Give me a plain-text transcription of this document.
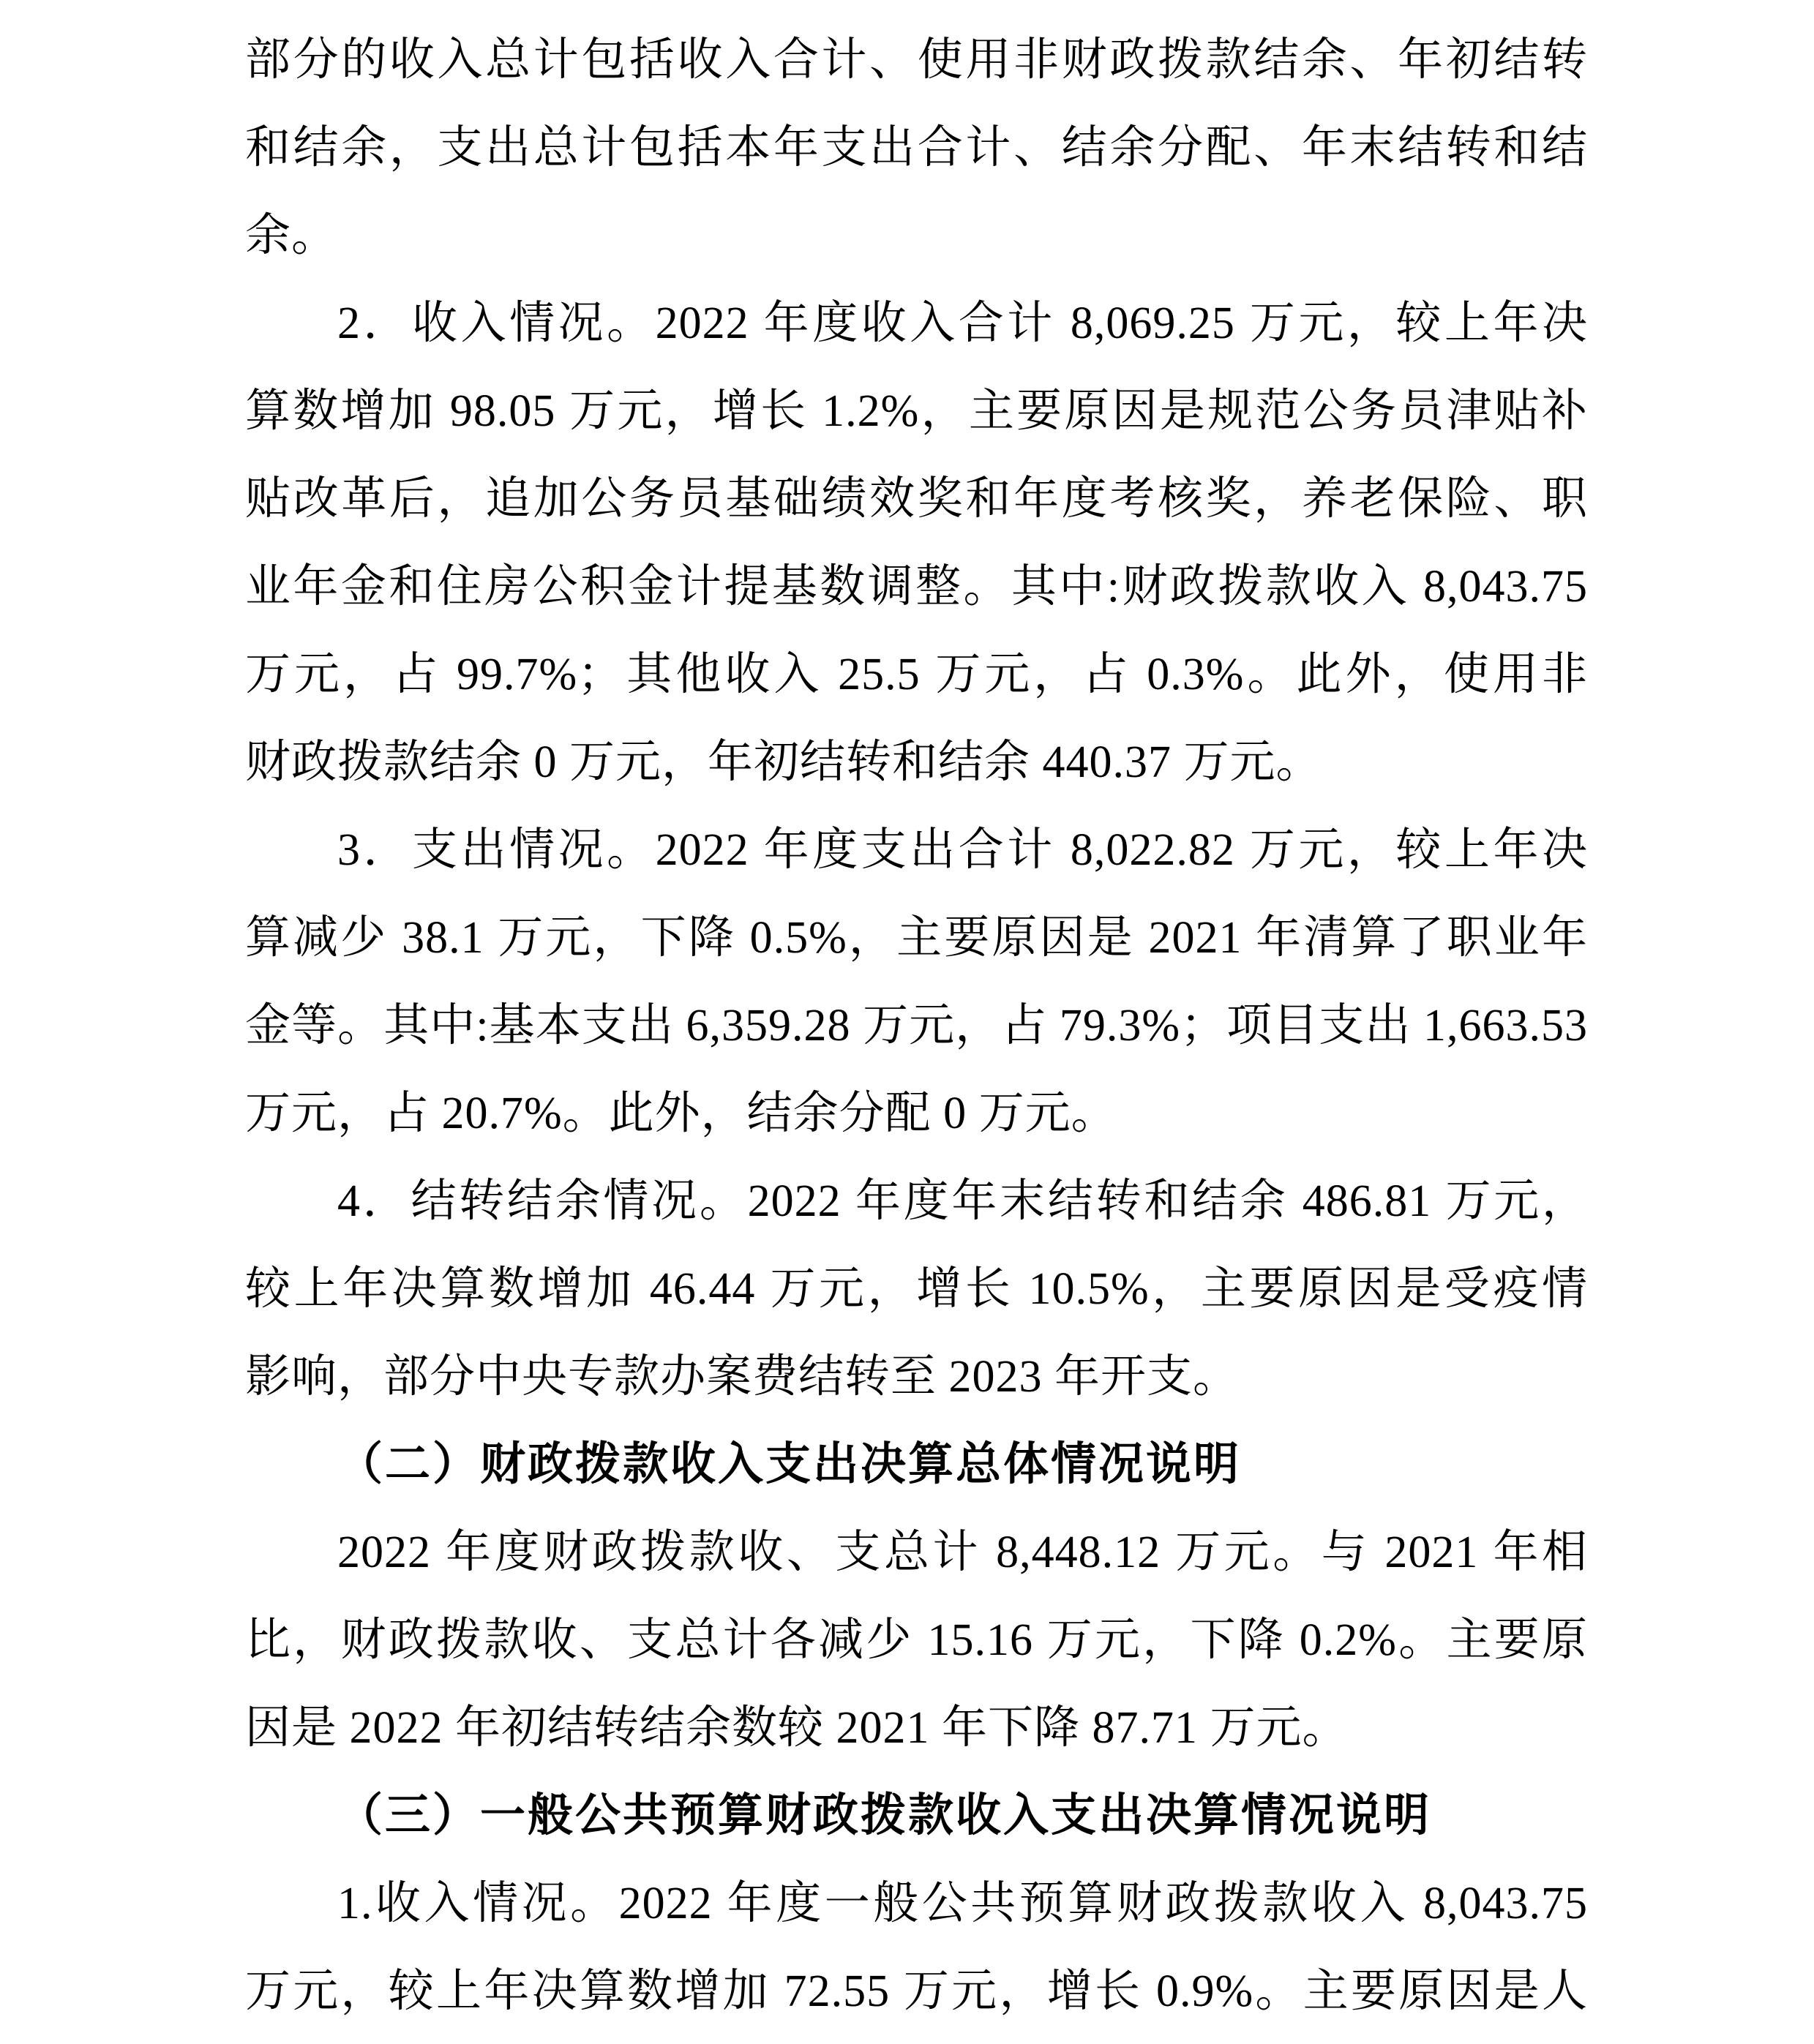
部分的收入总计包括收入合计、使用非财政拨款结余、年初结转
和结余，支出总计包括本年支出合计、结余分配、年末结转和结
余。
2．收入情况。2022 年度收入合计 8,069.25 万元，较上年决
算数增加 98.05 万元，增长 1.2%，主要原因是规范公务员津贴补
贴改革后，追加公务员基础绩效奖和年度考核奖，养老保险、职
业年金和住房公积金计提基数调整。其中:财政拨款收入 8,043.75
万元，占 99.7%；其他收入 25.5 万元，占 0.3%。此外，使用非
财政拨款结余 0 万元，年初结转和结余 440.37 万元。
3．支出情况。2022 年度支出合计 8,022.82 万元，较上年决
算减少 38.1 万元，下降 0.5%，主要原因是 2021 年清算了职业年
金等。其中:基本支出 6,359.28 万元，占 79.3%；项目支出 1,663.53
万元，占 20.7%。此外，结余分配 0 万元。
4．结转结余情况。2022 年度年末结转和结余 486.81 万元，
较上年决算数增加 46.44 万元，增长 10.5%，主要原因是受疫情
影响，部分中央专款办案费结转至 2023 年开支。
（二）财政拨款收入支出决算总体情况说明
2022 年度财政拨款收、支总计 8,448.12 万元。与 2021 年相
比，财政拨款收、支总计各减少 15.16 万元，下降 0.2%。主要原
因是 2022 年初结转结余数较 2021 年下降 87.71 万元。
（三）一般公共预算财政拨款收入支出决算情况说明
1.收入情况。2022 年度一般公共预算财政拨款收入 8,043.75
万元，较上年决算数增加 72.55 万元，增长 0.9%。主要原因是人
